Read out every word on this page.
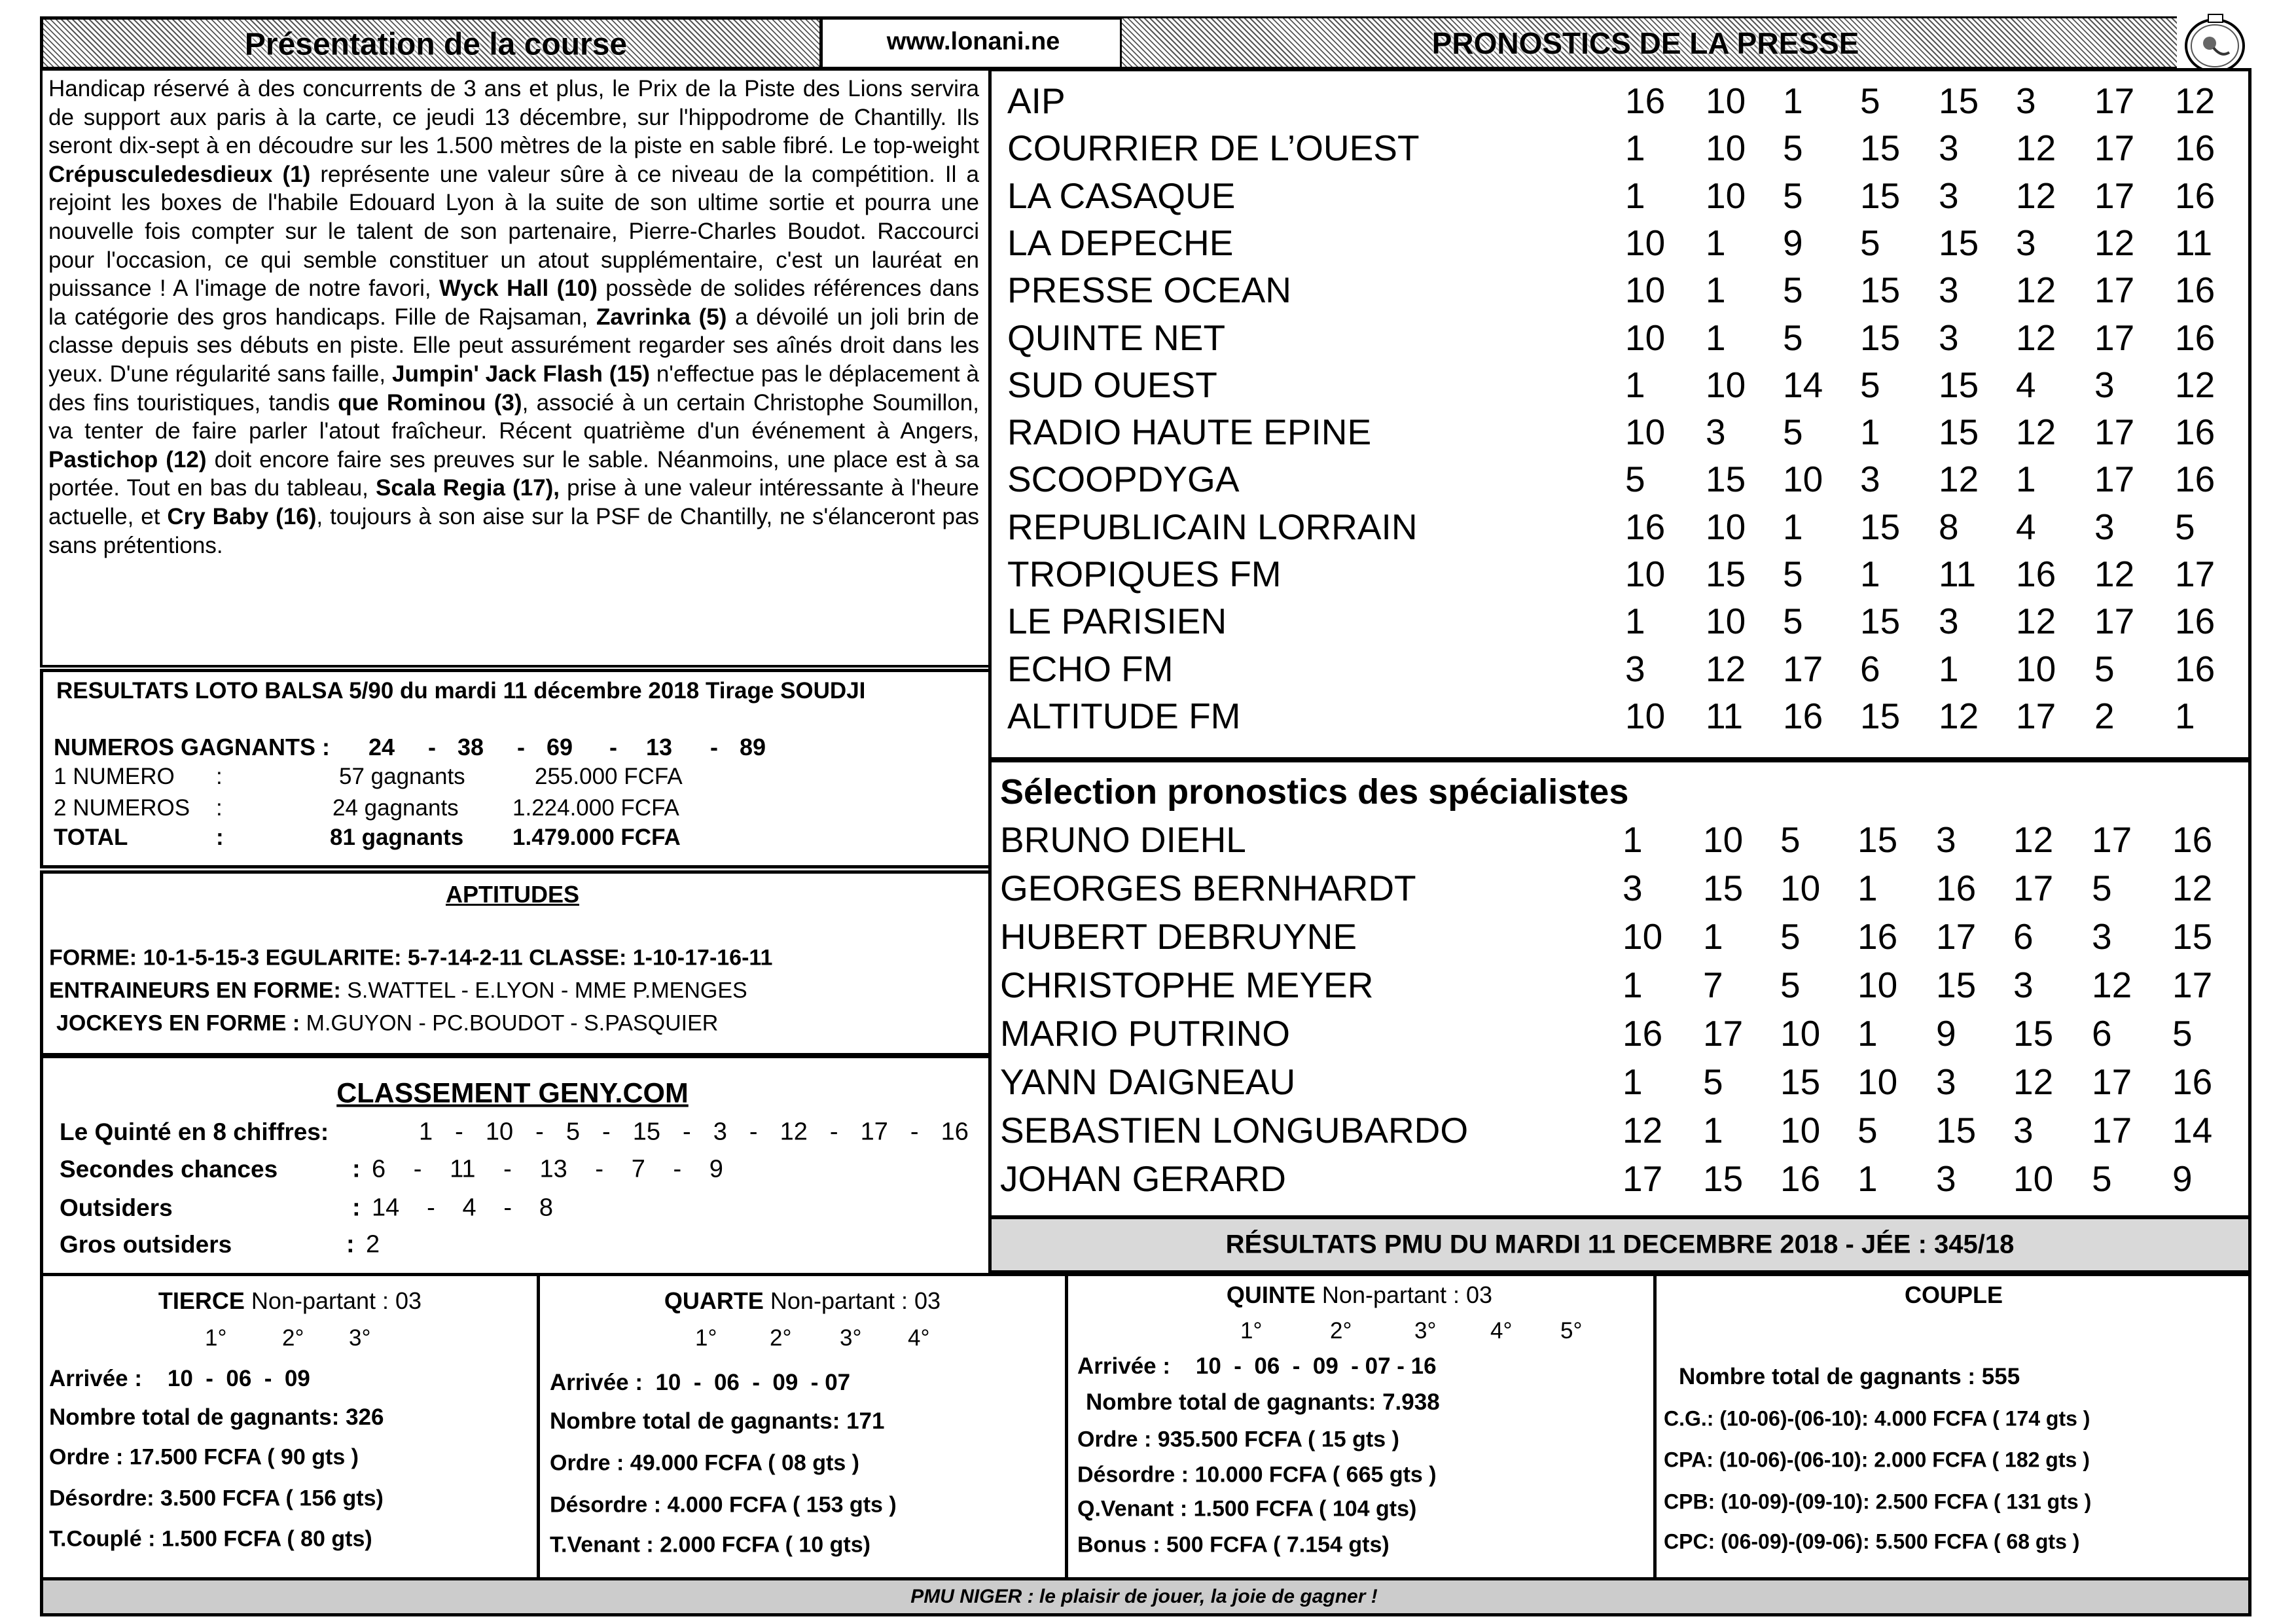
Présentation de la course	www.lonani.ne	PRONOSTICS DE LA PRESSE
Handicap réservé à des concurrents de 3 ans et plus, le Prix de la Piste des Lions servira de support aux paris à la carte, ce jeudi 13 décembre, sur l'hippodrome de Chantilly. Ils seront dix-sept à en découdre sur les 1.500 mètres de la piste en sable fibré. Le top-weight Crépusculedesdieux (1) représente une valeur sûre à ce niveau de la compétition. Il a rejoint les boxes de l'habile Edouard Lyon à la suite de son ultime sortie et pourra une nouvelle fois compter sur le talent de son partenaire, Pierre-Charles Boudot. Raccourci pour l'occasion, ce qui semble constituer un atout supplémentaire, c'est un lauréat en puissance ! A l'image de notre favori, Wyck Hall (10) possède de solides références dans la catégorie des gros handicaps. Fille de Rajsaman, Zavrinka (5) a dévoilé un joli brin de classe depuis ses débuts en piste. Elle peut assurément regarder ses aînés droit dans les yeux. D'une régularité sans faille, Jumpin' Jack Flash (15) n'effectue pas le déplacement à des fins touristiques, tandis que Rominou (3), associé à un certain Christophe Soumillon, va tenter de faire parler l'atout fraîcheur. Récent quatrième d'un événement à Angers, Pastichop (12) doit encore faire ses preuves sur le sable. Néanmoins, une place est à sa portée. Tout en bas du tableau, Scala Regia (17), prise à une valeur intéressante à l'heure actuelle, et Cry Baby (16), toujours à son aise sur la PSF de Chantilly, ne s'élanceront pas sans prétentions.
RESULTATS LOTO BALSA 5/90 du mardi 11 décembre 2018 Tirage SOUDJI
NUMEROS GAGNANTS :
APTITUDES
FORME: 10-1-5-15-3 EGULARITE: 5-7-14-2-11 CLASSE: 1-10-17-16-11
ENTRAINEURS EN FORME: S.WATTEL - E.LYON - MME P.MENGES
JOCKEYS EN FORME : M.GUYON - PC.BOUDOT - S.PASQUIER
CLASSEMENT GENY.COM
Sélection pronostics des spécialistes
RÉSULTATS PMU DU MARDI 11 DECEMBRE 2018 - JÉE : 345/18
PMU NIGER : le plaisir de jouer, la joie de gagner !
24	38	69	13	89
-	-	-	-
1 NUMERO :	57 gagnants	255.000 FCFA
2 NUMEROS :	24 gagnants 1.224.000 FCFA
TOTAL	:	81 gagnants 1.479.000 FCFA
Le Quinté en 8 chiffres:	1 - 10 - 5 - 15 - 3 - 12 - 17 - 16
Secondes chances	: 6 - 11 - 13 - 7 - 9
Outsiders	: 14 - 4 - 8
Gros outsiders	: 2
AIP	16 10 1 5 15 3 17 12
COURRIER DE L’OUEST	1 10 5 15 3 12 17 16
LA CASAQUE	1 10 5 15 3 12 17 16
LA DEPECHE	10 1 9 5 15 3 12 11
PRESSE OCEAN	10 1 5 15 3 12 17 16
QUINTE NET	10 1 5 15 3 12 17 16
SUD OUEST	1 10 14 5 15 4 3 12
RADIO HAUTE EPINE	10 3 5 1 15 12 17 16
SCOOPDYGA	5 15 10 3 12 1 17 16
REPUBLICAIN LORRAIN	16 10 1 15 8 4 3 5
TROPIQUES FM	10 15 5 1 11 16 12 17
LE PARISIEN	1 10 5 15 3 12 17 16
ECHO FM	3 12 17 6 1 10 5 16
ALTITUDE FM	10 11 16 15 12 17 2 1
BRUNO DIEHL	1 10 5 15 3 12 17 16
GEORGES BERNHARDT	3 15 10 1 16 17 5 12
HUBERT DEBRUYNE	10 1 5 16 17 6 3 15
CHRISTOPHE MEYER	1 7 5 10 15 3 12 17
MARIO PUTRINO	16 17 10 1 9 15 6 5
YANN DAIGNEAU	1 5 15 10 3 12 17 16
SEBASTIEN LONGUBARDO	12 1 10 5 15 3 17 14
JOHAN GERARD	17 15 16 1 3 10 5 9
TIERCE Non-partant : 03
1° 2° 3°
Arrivée :    10  -  06  -  09
Nombre total de gagnants: 326
Ordre : 17.500 FCFA ( 90 gts )
Désordre: 3.500 FCFA ( 156 gts)
T.Couplé : 1.500 FCFA ( 80 gts)
QUARTE Non-partant : 03
1° 2° 3° 4°
Arrivée :  10  -  06  -  09  - 07
Nombre total de gagnants: 171
Ordre : 49.000 FCFA ( 08 gts )
Désordre : 4.000 FCFA ( 153 gts )
T.Venant : 2.000 FCFA ( 10 gts)
QUINTE Non-partant : 03
1°	2°	3° 4° 5°
Arrivée :    10  -  06  -  09  - 07 - 16
Nombre total de gagnants: 7.938
Ordre : 935.500 FCFA ( 15 gts )
Désordre : 10.000 FCFA ( 665 gts )
Q.Venant : 1.500 FCFA ( 104 gts)
Bonus : 500 FCFA ( 7.154 gts)
COUPLE
Nombre total de gagnants : 555
C.G.: (10-06)-(06-10): 4.000 FCFA ( 174 gts )
CPA: (10-06)-(06-10): 2.000 FCFA ( 182 gts )
CPB: (10-09)-(09-10): 2.500 FCFA ( 131 gts )
CPC: (06-09)-(09-06): 5.500 FCFA ( 68 gts )
